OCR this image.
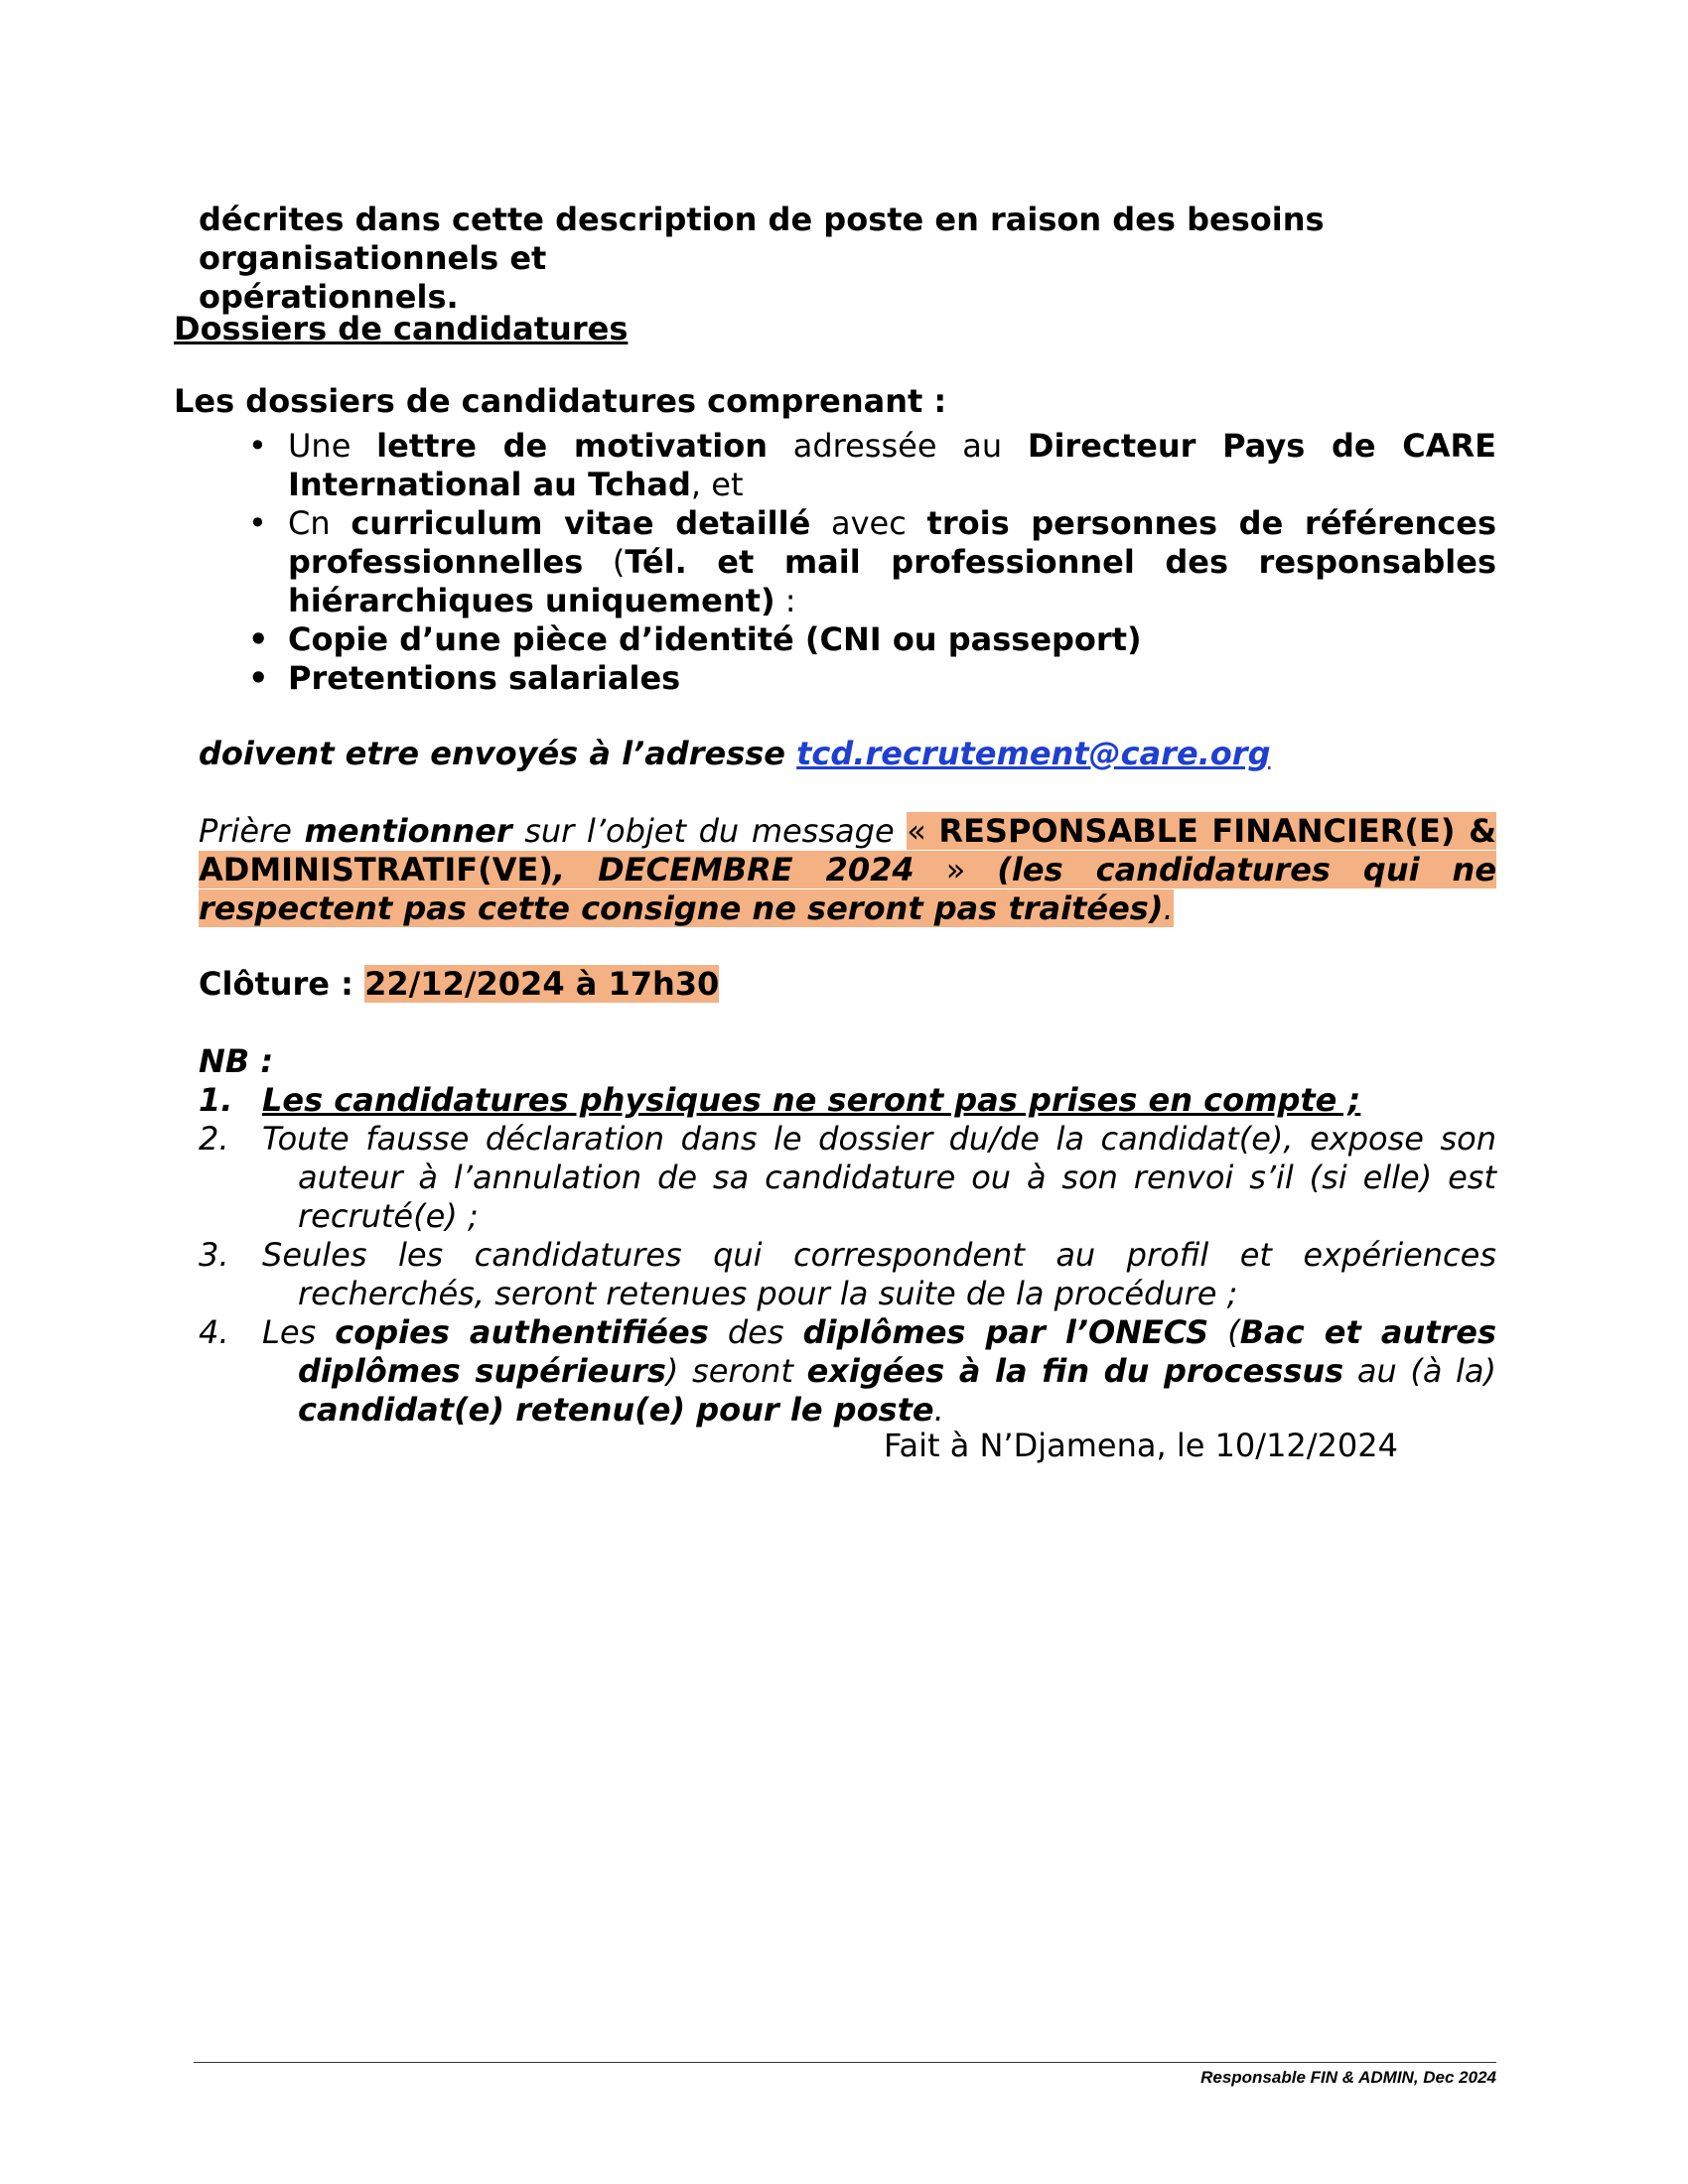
décrites dans cette description de poste en raison des besoins organisationnels et
opérationnels.
Dossiers de candidatures
Les dossiers de candidatures comprenant :
• Une lettre de motivation adressée au Directeur Pays de CARE International au Tchad, et
• Cn curriculum vitae detaillé avec trois personnes de références professionnelles (Tél. et mail professionnel des responsables hiérarchiques uniquement) :
• Copie d’une pièce d’identité (CNI ou passeport)
• Pretentions salariales
doivent etre envoyés à l’adresse tcd.recrutement@care.org
Prière mentionner sur l’objet du message « RESPONSABLE FINANCIER(E) & ADMINISTRATIF(VE), DECEMBRE 2024 » (les candidatures qui ne respectent pas cette consigne ne seront pas traitées).
Clôture : 22/12/2024 à 17h30
NB :
1. Les candidatures physiques ne seront pas prises en compte ;
2. Toute fausse déclaration dans le dossier du/de la candidat(e), expose son auteur à l’annulation de sa candidature ou à son renvoi s’il (si elle) est recruté(e) ;
3. Seules les candidatures qui correspondent au profil et expériences recherchés, seront retenues pour la suite de la procédure ;
4. Les copies authentifiées des diplômes par l’ONECS (Bac et autres diplômes supérieurs) seront exigées à la fin du processus au (à la) candidat(e) retenu(e) pour le poste.
Fait à N’Djamena, le 10/12/2024
Responsable FIN & ADMIN, Dec 2024
